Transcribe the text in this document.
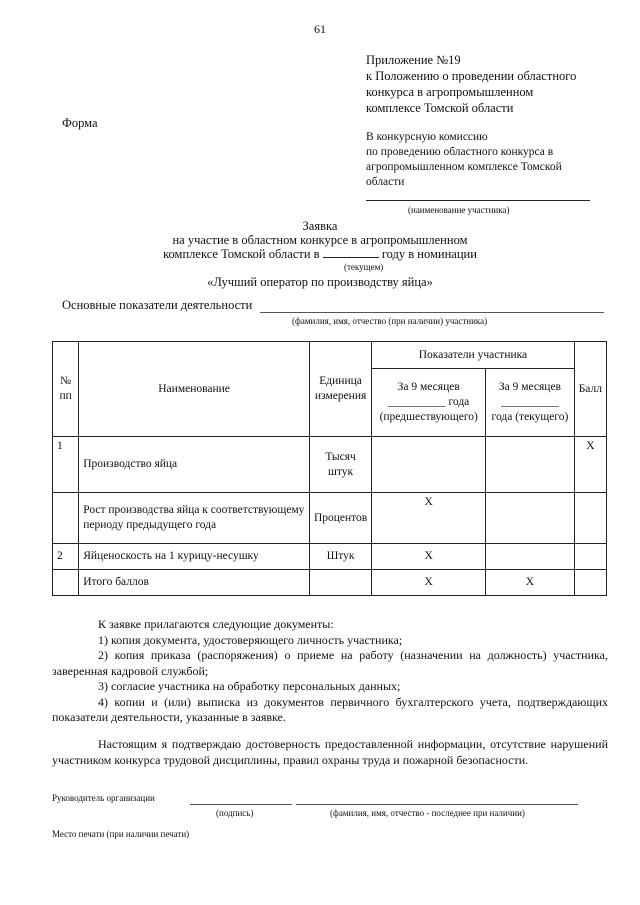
61
Приложение №19
к Положению о проведении областного
конкурса в агропромышленном
комплексе Томской области
Форма
В конкурсную комиссию
по проведению областного конкурса в
агропромышленном комплексе Томской
области
(наименование участника)
Заявка
на участие в областном конкурсе в агропромышленном
комплексе Томской области в	году в номинации
(текущем)
«Лучший оператор по производству яйца»
Основные показатели деятельности
(фамилия, имя, отчество (при наличии) участника)
№ пп	Наименование	Единица измерения	Показатели участника		Балл
			За 9 месяцев __________ года (предшествующего)	За 9 месяцев __________ года (текущего)	
1	Производство яйца	Тысяч штук			X
	Рост производства яйца к соответствующему периоду предыдущего года	Процентов	X		
2	Яйценоскость на 1 курицу-несушку	Штук	X		
	Итого баллов		X	X	

К заявке прилагаются следующие документы:

1) копия документа, удостоверяющего личность участника;

2) копия приказа (распоряжения) о приеме на работу (назначении на должность) участника, заверенная кадровой службой;

3) согласие участника на обработку персональных данных;

4) копии и (или) выписка из документов первичного бухгалтерского учета, подтверждающих показатели деятельности, указанные в заявке.

Настоящим я подтверждаю достоверность предоставленной информации, отсутствие нарушений участником конкурса трудовой дисциплины, правил охраны труда и пожарной безопасности.

Руководитель организации
(подпись)	(фамилия, имя, отчество - последнее при наличии)
Место печати (при наличии печати)
